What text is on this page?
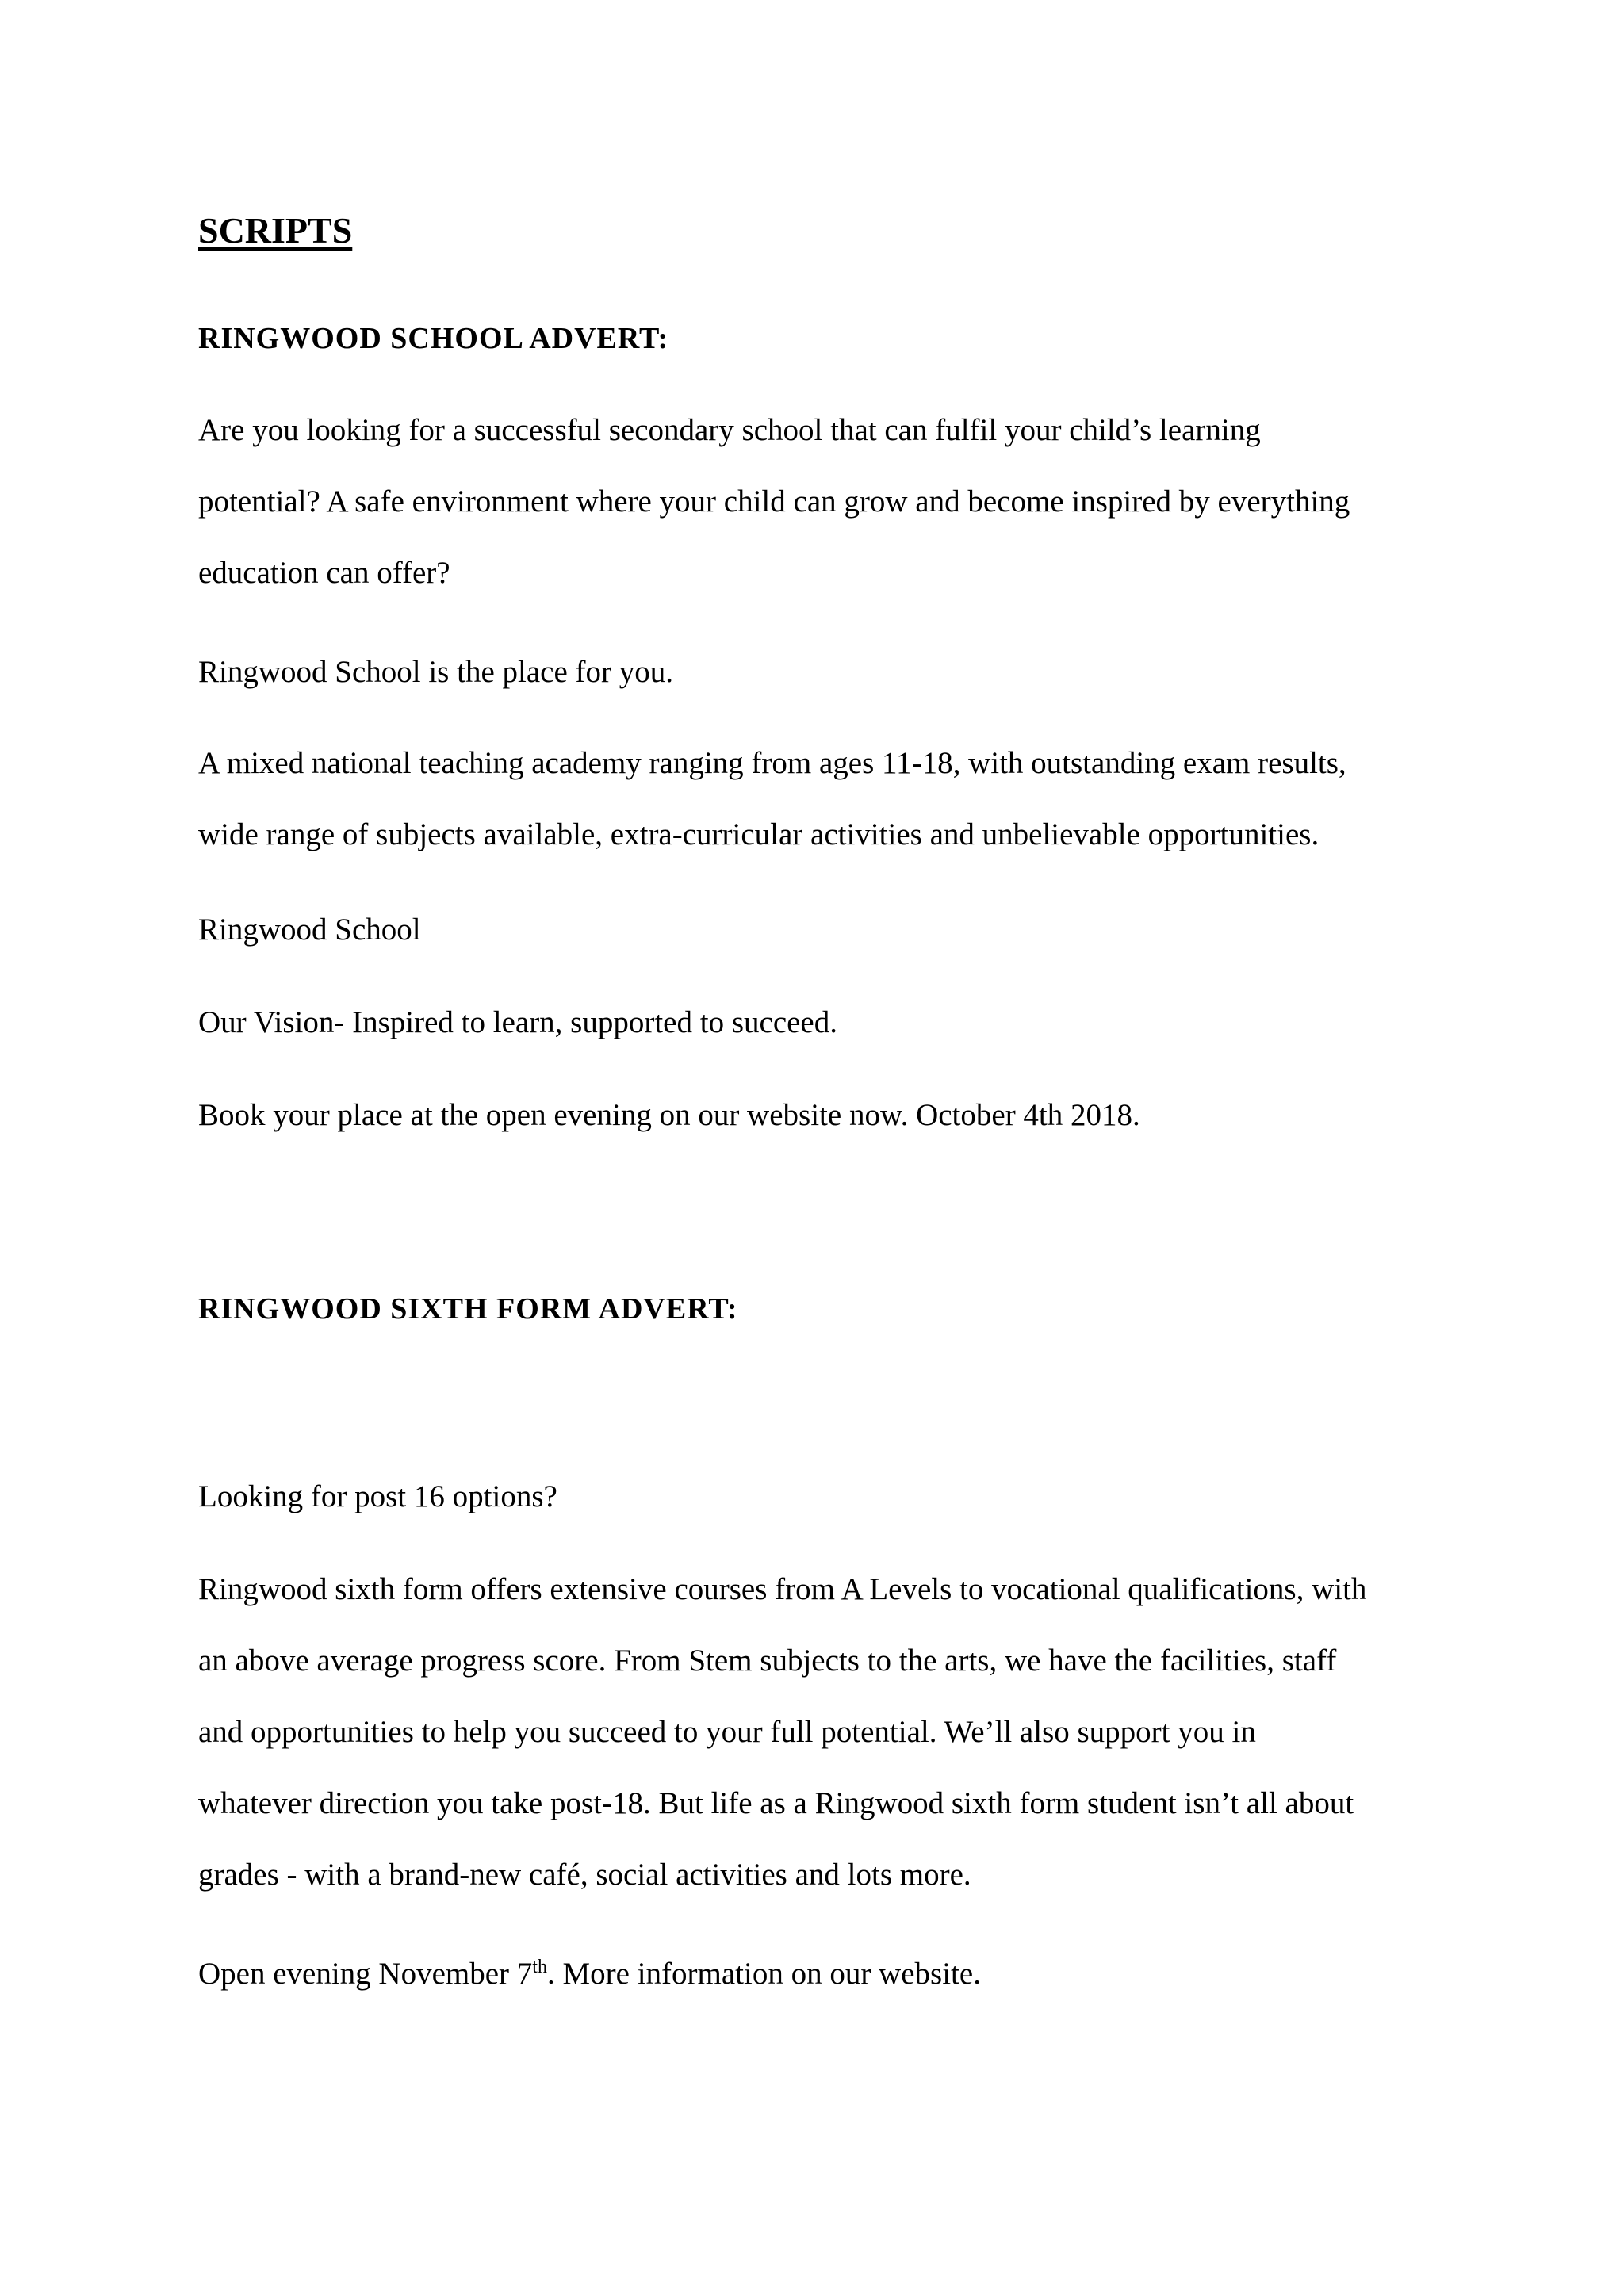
SCRIPTS
RINGWOOD SCHOOL ADVERT:

Are you looking for a successful secondary school that can fulfil your child’s learning
potential? A safe environment where your child can grow and become inspired by everything
education can offer?

Ringwood School is the place for you.

A mixed national teaching academy ranging from ages 11-18, with outstanding exam results,
wide range of subjects available, extra-curricular activities and unbelievable opportunities.

Ringwood School

Our Vision- Inspired to learn, supported to succeed.

Book your place at the open evening on our website now. October 4th 2018.

RINGWOOD SIXTH FORM ADVERT:

Looking for post 16 options?

Ringwood sixth form offers extensive courses from A Levels to vocational qualifications, with
an above average progress score. From Stem subjects to the arts, we have the facilities, staff
and opportunities to help you succeed to your full potential. We’ll also support you in
whatever direction you take post-18. But life as a Ringwood sixth form student isn’t all about
grades - with a brand-new café, social activities and lots more.

Open evening November 7th. More information on our website.
